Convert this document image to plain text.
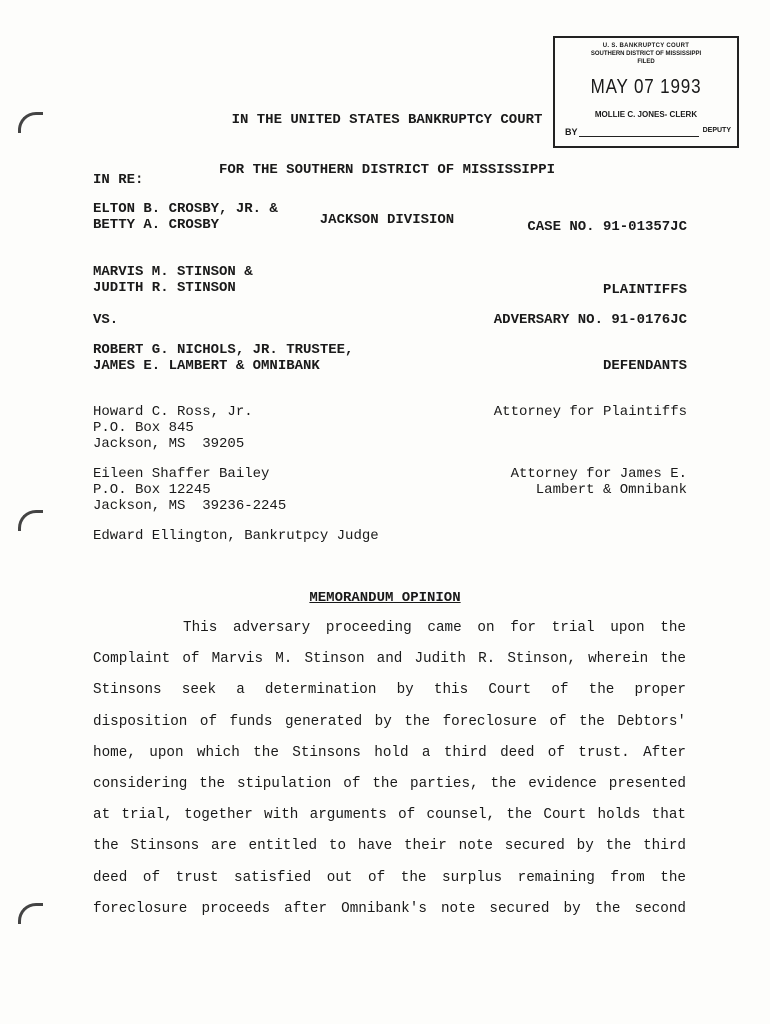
U. S. BANKRUPTCY COURT
SOUTHERN DISTRICT OF MISSISSIPPI
FILED
MAY 07 1993
MOLLIE C. JONES- CLERK
BY	DEPUTY

IN THE UNITED STATES BANKRUPTCY COURT

FOR THE SOUTHERN DISTRICT OF MISSISSIPPI

JACKSON DIVISION

IN RE:
ELTON B. CROSBY, JR. &
BETTY A. CROSBY	CASE NO. 91-01357JC
MARVIS M. STINSON &
JUDITH R. STINSON	PLAINTIFFS
VS.	ADVERSARY NO. 91-0176JC
ROBERT G. NICHOLS, JR. TRUSTEE,
JAMES E. LAMBERT & OMNIBANK	DEFENDANTS
Howard C. Ross, Jr.
P.O. Box 845
Jackson, MS  39205
Attorney for Plaintiffs
Eileen Shaffer Bailey
P.O. Box 12245
Jackson, MS  39236-2245
Attorney for James E.
Lambert & Omnibank
Edward Ellington, Bankrutpcy Judge
MEMORANDUM OPINION
This adversary proceeding came on for trial upon the
Complaint of Marvis M. Stinson and Judith R. Stinson, wherein the
Stinsons seek a determination by this Court of the proper
disposition of funds generated by the foreclosure of the Debtors'
home, upon which the Stinsons hold a third deed of trust. After
considering the stipulation of the parties, the evidence presented
at trial, together with arguments of counsel, the Court holds that
the Stinsons are entitled to have their note secured by the third
deed of trust satisfied out of the surplus remaining from the
foreclosure proceeds after Omnibank's note secured by the second
